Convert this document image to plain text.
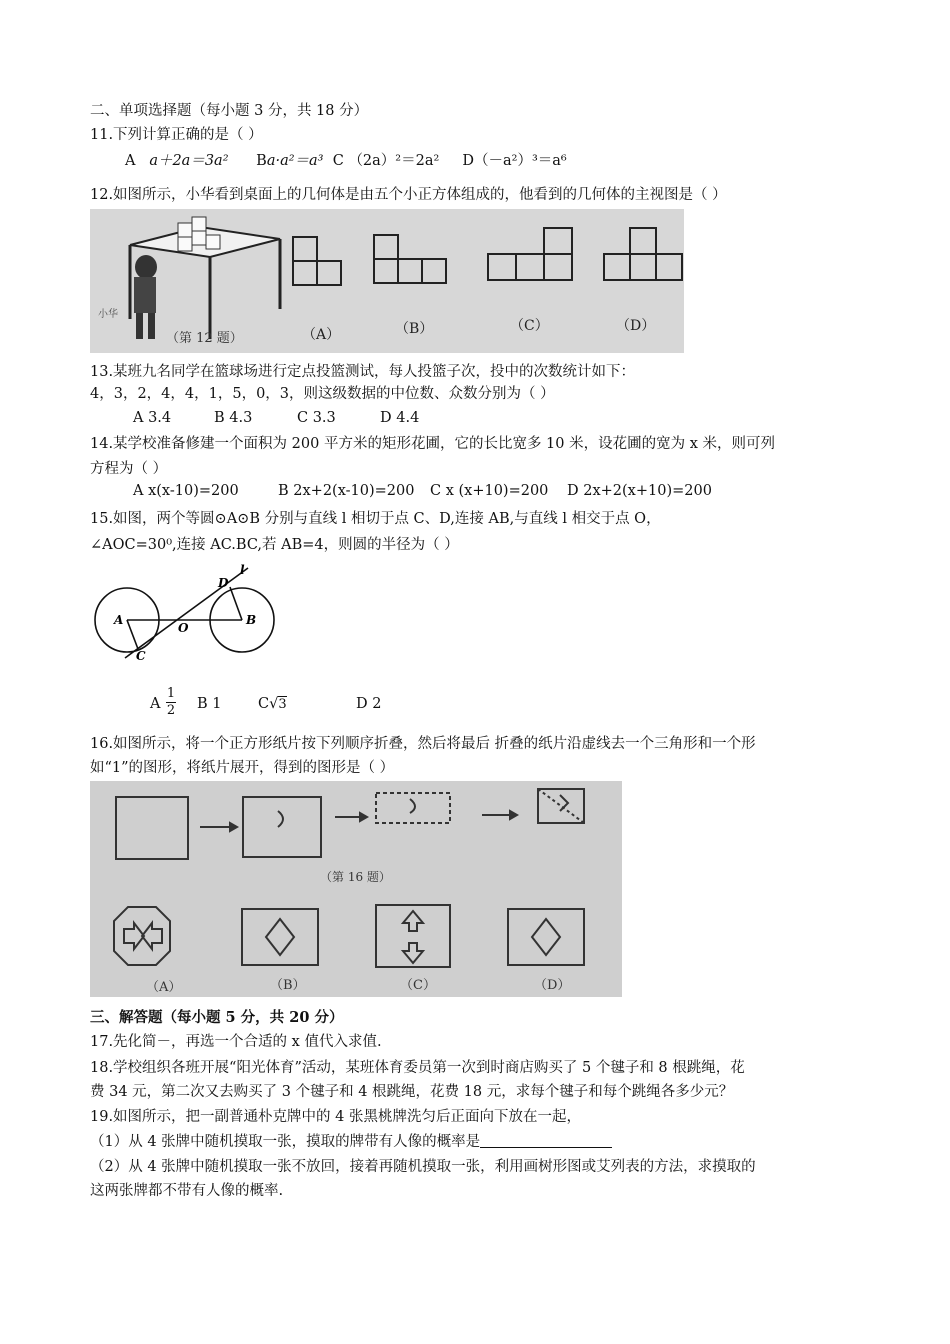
二、单项选择题（每小题 3 分，共 18 分）
11.下列计算正确的是（ ）
A a＋2a＝3a² Ba·a²＝a³ C （2a）²＝2a² D（－a²）³＝a⁶
12.如图所示，小华看到桌面上的几何体是由五个小正方体组成的，他看到的几何体的主视图是（ ）
小华
（第 12 题）	（A）	（B）	（C）	（D）
13.某班九名同学在篮球场进行定点投篮测试，每人投篮子次，投中的次数统计如下：
4，3，2，4，4，1，5，0，3，则这级数据的中位数、众数分别为（ ）
A 3.4	B 4.3	C 3.3	D 4.4
14.某学校准备修建一个面积为 200 平方米的矩形花圃，它的长比宽多 10 米，设花圃的宽为 x 米，则可列
方程为（ ）
A x(x-10)=200	B 2x+2(x-10)=200 C x (x+10)=200 D 2x+2(x+10)=200
15.如图，两个等圆⊙A⊙B 分别与直线 l 相切于点 C、D,连接 AB,与直线 l 相交于点 O，
∠AOC=30⁰,连接 AC.BC,若 AB=4，则圆的半径为（ ）
A	B
C
D
O
l
A $\frac{1}{2}$ B 1	C√3	D 2
16.如图所示，将一个正方形纸片按下列顺序折叠，然后将最后 折叠的纸片沿虚线去一个三角形和一个形
如“1”的图形，将纸片展开，得到的图形是（ ）
（第 16 题）
（A）	（B）	（C）	（D）
三、解答题（每小题 5 分，共 20 分）
17.先化简－，再选一个合适的 x 值代入求值.
18.学校组织各班开展“阳光体育”活动，某班体育委员第一次到时商店购买了 5 个毽子和 8 根跳绳，花
费 34 元，第二次又去购买了 3 个毽子和 4 根跳绳，花费 18 元，求每个毽子和每个跳绳各多少元？
19.如图所示，把一副普通朴克牌中的 4 张黑桃牌洗匀后正面向下放在一起，
（1）从 4 张牌中随机摸取一张，摸取的牌带有人像的概率是
（2）从 4 张牌中随机摸取一张不放回，接着再随机摸取一张，利用画树形图或艾列表的方法，求摸取的
这两张牌都不带有人像的概率.
